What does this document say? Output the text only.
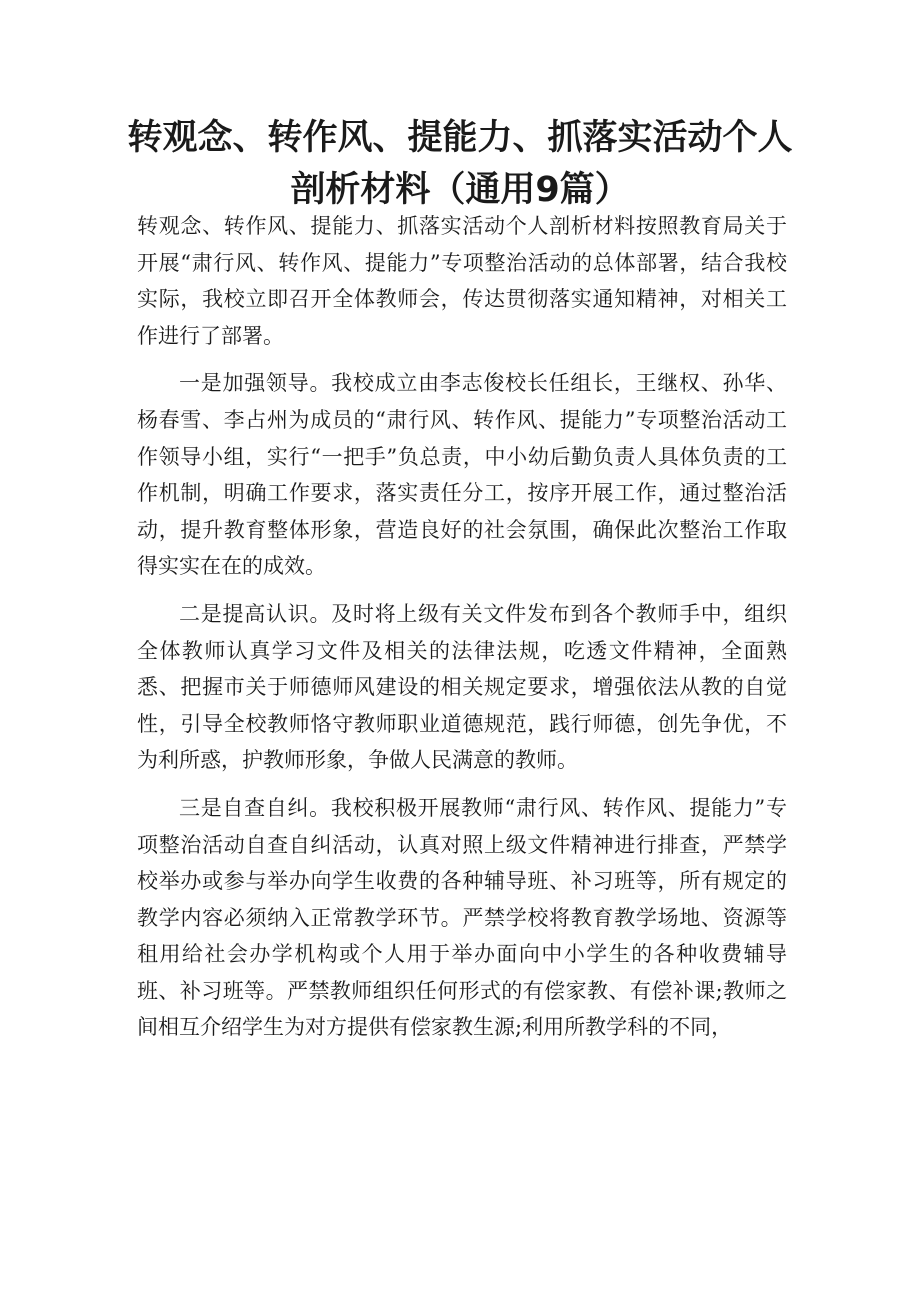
转观念、转作风、提能力、抓落实活动个人
剖析材料（通用9篇）

转观念、转作风、提能力、抓落实活动个人剖析材料按照教育局关于开展“肃行风、转作风、提能力”专项整治活动的总体部署，结合我校实际，我校立即召开全体教师会，传达贯彻落实通知精神，对相关工作进行了部署。

一是加强领导。我校成立由李志俊校长任组长，王继权、孙华、杨春雪、李占州为成员的“肃行风、转作风、提能力”专项整治活动工作领导小组，实行“一把手”负总责，中小幼后勤负责人具体负责的工作机制，明确工作要求，落实责任分工，按序开展工作，通过整治活动，提升教育整体形象，营造良好的社会氛围，确保此次整治工作取得实实在在的成效。

二是提高认识。及时将上级有关文件发布到各个教师手中，组织全体教师认真学习文件及相关的法律法规，吃透文件精神，全面熟悉、把握市关于师德师风建设的相关规定要求，增强依法从教的自觉性，引导全校教师恪守教师职业道德规范，践行师德，创先争优，不为利所惑，护教师形象，争做人民满意的教师。

三是自查自纠。我校积极开展教师“肃行风、转作风、提能力”专项整治活动自查自纠活动，认真对照上级文件精神进行排查，严禁学校举办或参与举办向学生收费的各种辅导班、补习班等，所有规定的教学内容必须纳入正常教学环节。严禁学校将教育教学场地、资源等租用给社会办学机构或个人用于举办面向中小学生的各种收费辅导班、补习班等。严禁教师组织任何形式的有偿家教、有偿补课;教师之间相互介绍学生为对方提供有偿家教生源;利用所教学科的不同，
